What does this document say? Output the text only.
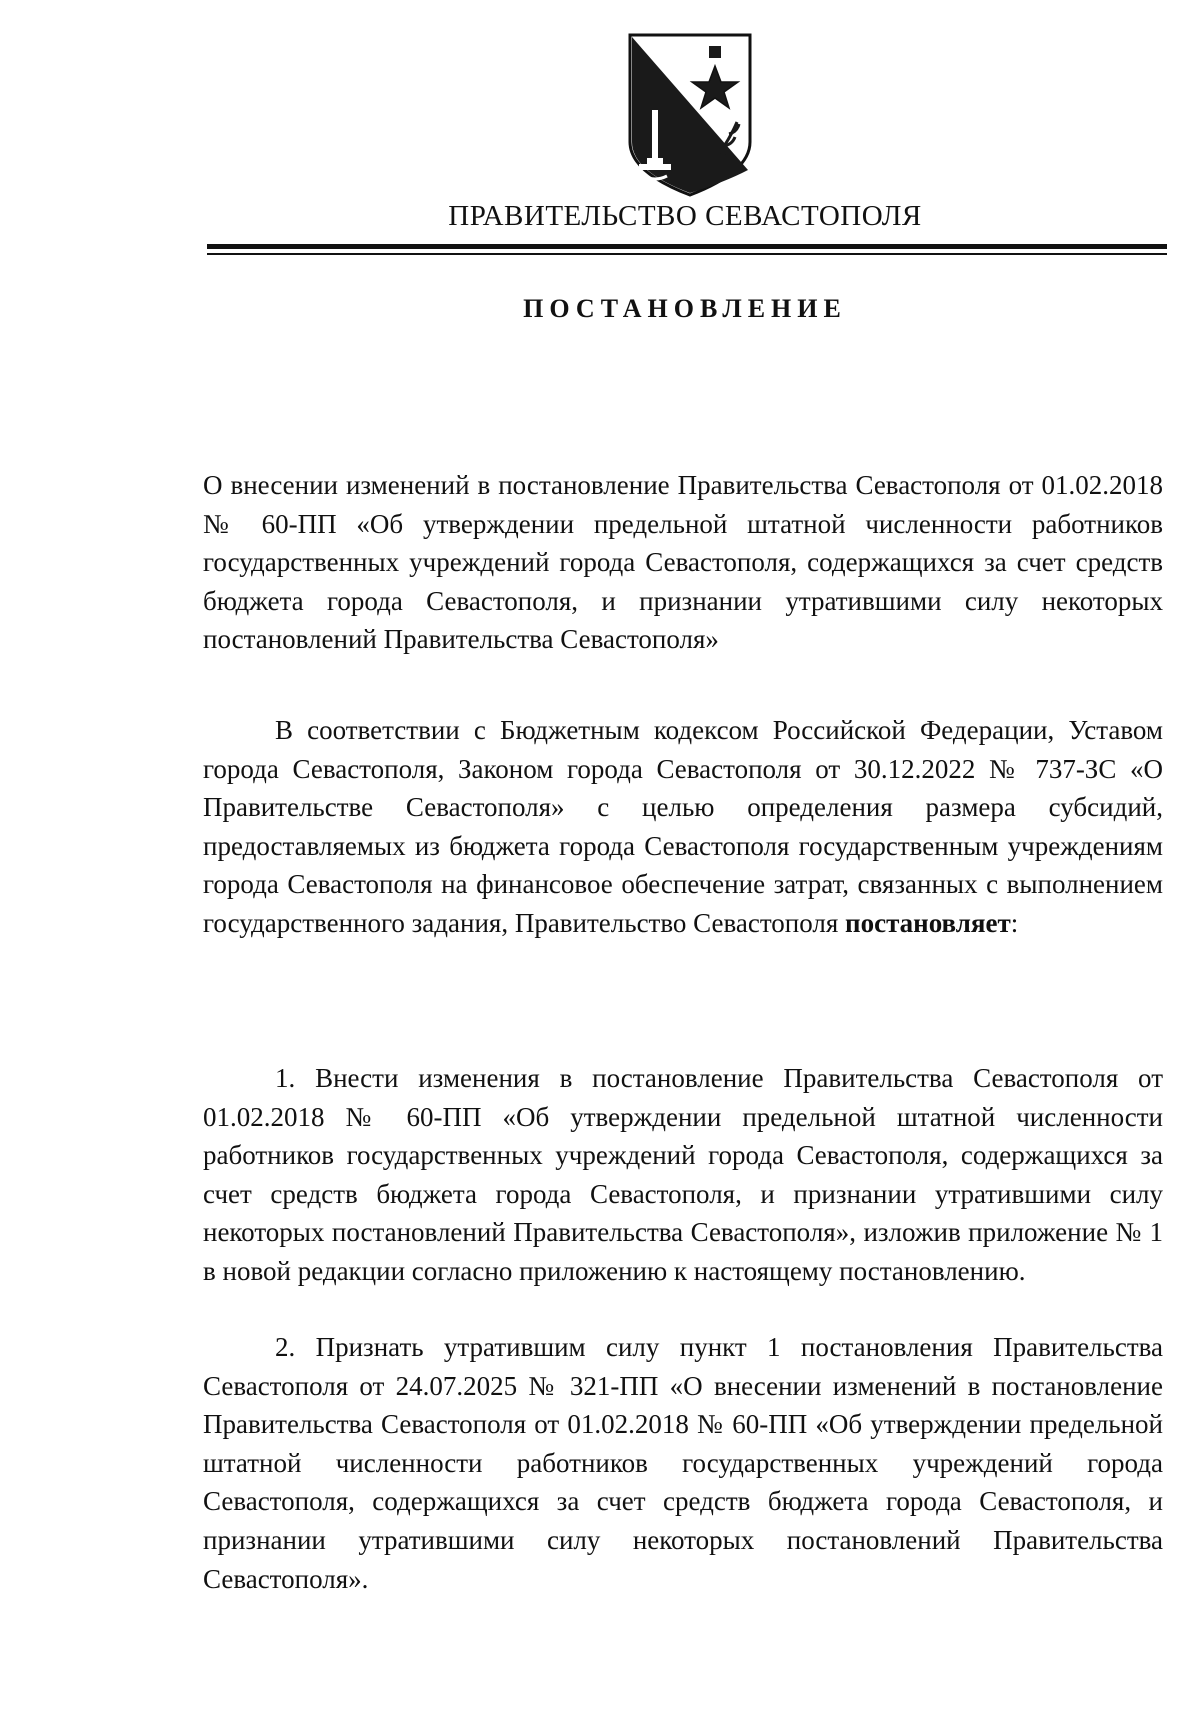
ПРАВИТЕЛЬСТВО СЕВАСТОПОЛЯ
ПОСТАНОВЛЕНИЕ
О внесении изменений в постановление Правительства Севастополя от 01.02.2018 № 60-ПП «Об утверждении предельной штатной численности работников государственных учреждений города Севастополя, содержащихся за счет средств бюджета города Севастополя, и признании утратившими силу некоторых постановлений Правительства Севастополя»
В соответствии с Бюджетным кодексом Российской Федерации, Уставом города Севастополя, Законом города Севастополя от 30.12.2022 № 737-ЗС «О Правительстве Севастополя» с целью определения размера субсидий, предоставляемых из бюджета города Севастополя государственным учреждениям города Севастополя на финансовое обеспечение затрат, связанных с выполнением государственного задания, Правительство Севастополя постановляет:
1. Внести изменения в постановление Правительства Севастополя от 01.02.2018 № 60-ПП «Об утверждении предельной штатной численности работников государственных учреждений города Севастополя, содержащихся за счет средств бюджета города Севастополя, и признании утратившими силу некоторых постановлений Правительства Севастополя», изложив приложение № 1 в новой редакции согласно приложению к настоящему постановлению.
2. Признать утратившим силу пункт 1 постановления Правительства Севастополя от 24.07.2025 № 321-ПП «О внесении изменений в постановление Правительства Севастополя от 01.02.2018 № 60-ПП «Об утверждении предельной штатной численности работников государственных учреждений города Севастополя, содержащихся за счет средств бюджета города Севастополя, и признании утратившими силу некоторых постановлений Правительства Севастополя».
